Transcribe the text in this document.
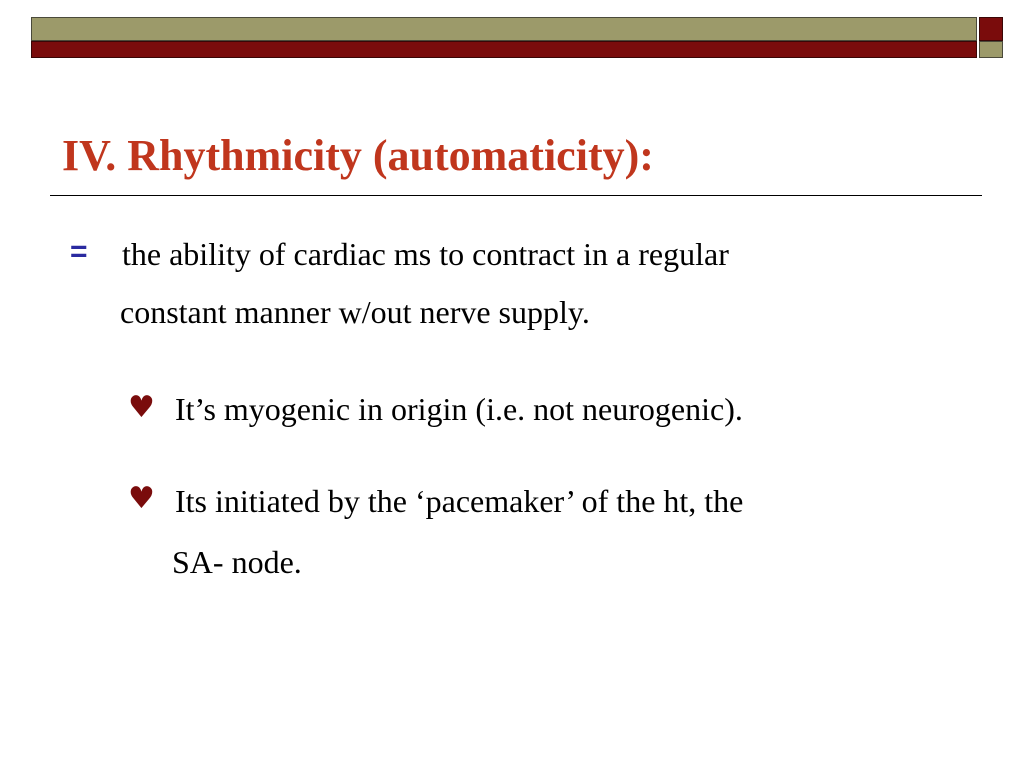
IV. Rhythmicity (automaticity):
= the ability of cardiac ms to contract in a regular
constant manner w/out nerve supply.
♥ It’s myogenic in origin (i.e. not neurogenic).
♥ Its initiated by the ‘pacemaker’ of the ht, the
SA- node.
